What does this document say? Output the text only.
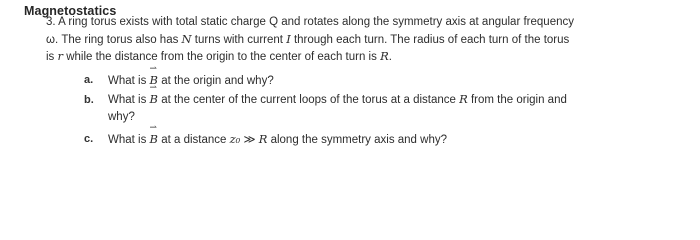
Magnetostatics
3. A ring torus exists with total static charge Q and rotates along the symmetry axis at angular frequency
ω. The ring torus also has N turns with current I through each turn. The radius of each turn of the torus
is r while the distance from the origin to the center of each turn is R.
a. What is ⇀ B at the origin and why?
b. What is ⇀ B at the center of the current loops of the torus at a distance R from the origin and
why?
c. What is ⇀ B at a distance z₀ ≫ R along the symmetry axis and why?
